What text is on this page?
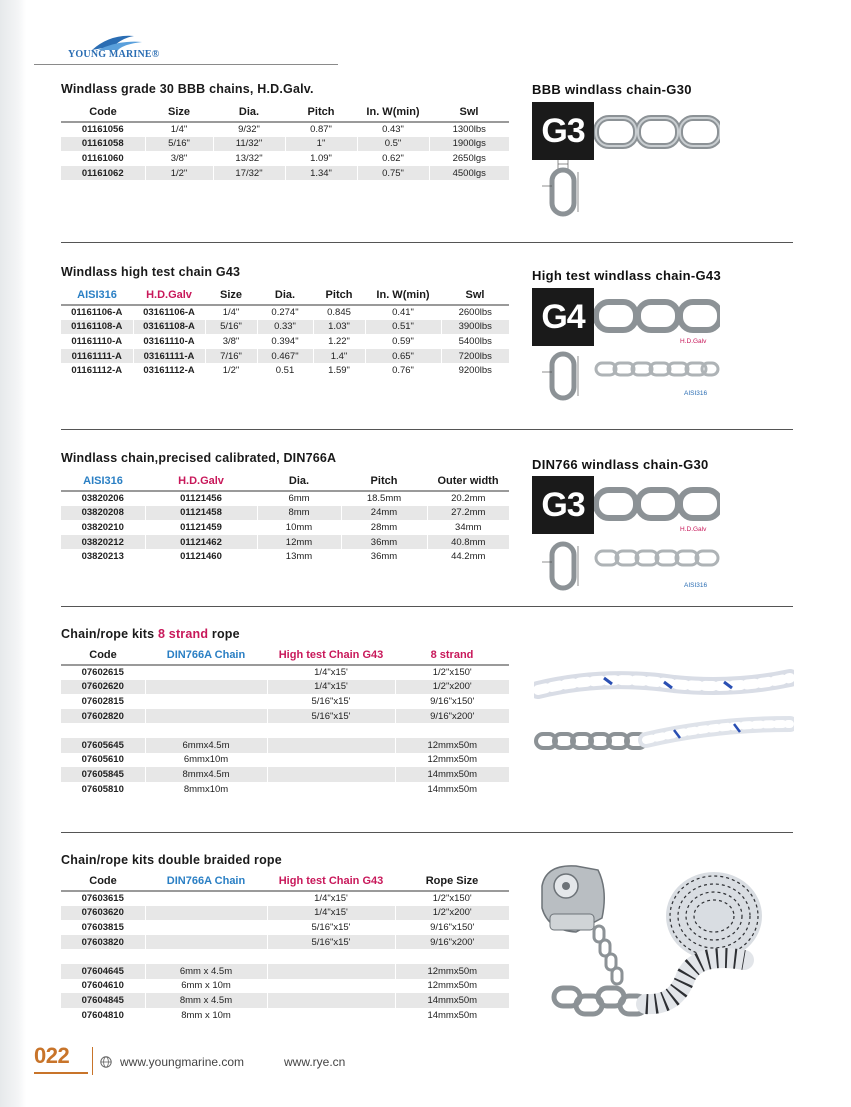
YOUNG MARINE®
Windlass grade 30 BBB chains, H.D.Galv.
Code	Size	Dia.	Pitch	In. W(min)	Swl
01161056	1/4"	9/32"	0.87"	0.43"	1300lbs
01161058	5/16"	11/32"	1"	0.5"	1900lgs
01161060	3/8"	13/32"	1.09"	0.62"	2650lgs
01161062	1/2"	17/32"	1.34"	0.75"	4500lgs
BBB windlass chain-G30
G3
Windlass high test chain G43
AISI316	H.D.Galv	Size	Dia.	Pitch	In. W(min)	Swl
01161106-A	03161106-A	1/4"	0.274"	0.845	0.41"	2600lbs
01161108-A	03161108-A	5/16"	0.33"	1.03"	0.51"	3900lbs
01161110-A	03161110-A	3/8"	0.394"	1.22"	0.59"	5400lbs
01161111-A	03161111-A	7/16"	0.467"	1.4"	0.65"	7200lbs
01161112-A	03161112-A	1/2"	0.51	1.59"	0.76"	9200lbs
High test windlass chain-G43
G4
H.D.Galv
AISI316
Windlass chain,precised calibrated, DIN766A
AISI316	H.D.Galv	Dia.	Pitch	Outer width
03820206	01121456	6mm	18.5mm	20.2mm
03820208	01121458	8mm	24mm	27.2mm
03820210	01121459	10mm	28mm	34mm
03820212	01121462	12mm	36mm	40.8mm
03820213	01121460	13mm	36mm	44.2mm
DIN766 windlass chain-G30
G3
H.D.Galv
AISI316
Chain/rope kits 8 strand rope
Code	DIN766A Chain	High test Chain G43	8 strand
07602615		1/4"x15'	1/2"x150'
07602620		1/4"x15'	1/2"x200'
07602815		5/16"x15'	9/16"x150'
07602820		5/16"x15'	9/16"x200'

07605645	6mmx4.5m		12mmx50m
07605610	6mmx10m		12mmx50m
07605845	8mmx4.5m		14mmx50m
07605810	8mmx10m		14mmx50m
Chain/rope kits double braided rope
Code	DIN766A Chain	High test Chain G43	Rope Size
07603615		1/4"x15'	1/2"x150'
07603620		1/4"x15'	1/2"x200'
07603815		5/16"x15'	9/16"x150'
07603820		5/16"x15'	9/16"x200'

07604645	6mm x 4.5m		12mmx50m
07604610	6mm x 10m		12mmx50m
07604845	8mm x 4.5m		14mmx50m
07604810	8mm x 10m		14mmx50m
022	www.youngmarine.com	www.rye.cn
